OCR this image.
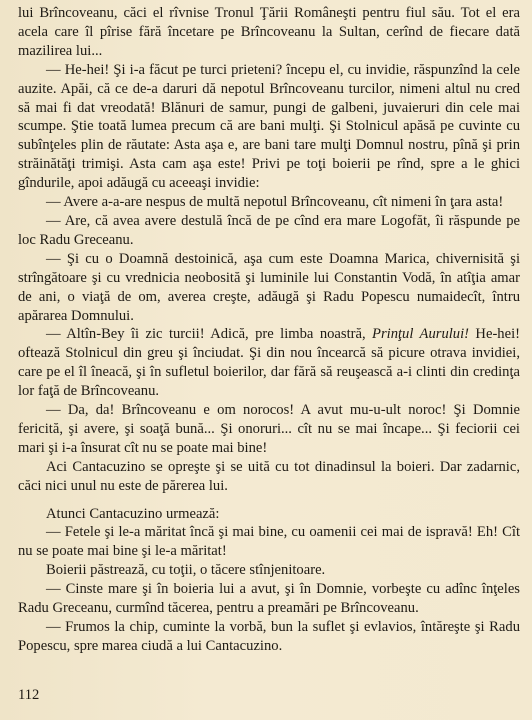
lui Brîncoveanu, căci el rîvnise Tronul Ţării Româneşti pentru fiul său. Tot el era acela care îl pîrise fără încetare pe Brîncoveanu la Sultan, cerînd de fiecare dată mazilirea lui...

— He-hei! Şi i-a făcut pe turci prieteni? începu el, cu invidie, răspunzînd la cele auzite. Apăi, că ce de-a daruri dă nepotul Brîncoveanu turcilor, nimeni altul nu cred să mai fi dat vreodată! Blănuri de samur, pungi de galbeni, juvaieruri din cele mai scumpe. Ştie toată lumea precum că are bani mulţi. Şi Stolnicul apăsă pe cuvinte cu subînţeles plin de răutate: Asta aşa e, are bani tare mulţi Domnul nostru, pînă şi prin străinătăţi trimişi. Asta cam aşa este! Privi pe toţi boierii pe rînd, spre a le ghici gîndurile, apoi adăugă cu aceeaşi invidie:

— Avere a-a-are nespus de multă nepotul Brîncoveanu, cît nimeni în ţara asta!

— Are, că avea avere destulă încă de pe cînd era mare Logofăt, îi răspunde pe loc Radu Greceanu.

— Şi cu o Doamnă destoinică, aşa cum este Doamna Marica, chivernisită şi strîngătoare şi cu vrednicia neobosită şi luminile lui Constantin Vodă, în atîţia amar de ani, o viaţă de om, averea creşte, adăugă şi Radu Popescu numaidecît, întru apărarea Domnului.

— Altîn-Bey îi zic turcii! Adică, pre limba noastră, Prinţul Aurului! He-hei! oftează Stolnicul din greu şi înciudat. Şi din nou încearcă să picure otrava invidiei, care pe el îl îneacă, şi în sufletul boierilor, dar fără să reuşească a-i clinti din credinţa lor faţă de Brîncoveanu.

— Da, da! Brîncoveanu e om norocos! A avut mu-u-ult noroc! Şi Domnie fericită, şi avere, şi soaţă bună... Şi onoruri... cît nu se mai încape... Şi feciorii cei mari şi i-a însurat cît nu se poate mai bine!

Aci Cantacuzino se opreşte şi se uită cu tot dinadinsul la boieri. Dar zadarnic, căci nici unul nu este de părerea lui.

Atunci Cantacuzino urmează:

— Fetele şi le-a măritat încă şi mai bine, cu oamenii cei mai de ispravă! Eh! Cît nu se poate mai bine şi le-a măritat!

Boierii păstrează, cu toţii, o tăcere stînjenitoare.

— Cinste mare şi în boieria lui a avut, şi în Domnie, vorbeşte cu adînc înţeles Radu Greceanu, curmînd tăcerea, pentru a preamări pe Brîncoveanu.

— Frumos la chip, cuminte la vorbă, bun la suflet şi evlavios, întăreşte şi Radu Popescu, spre marea ciudă a lui Cantacuzino.

112
